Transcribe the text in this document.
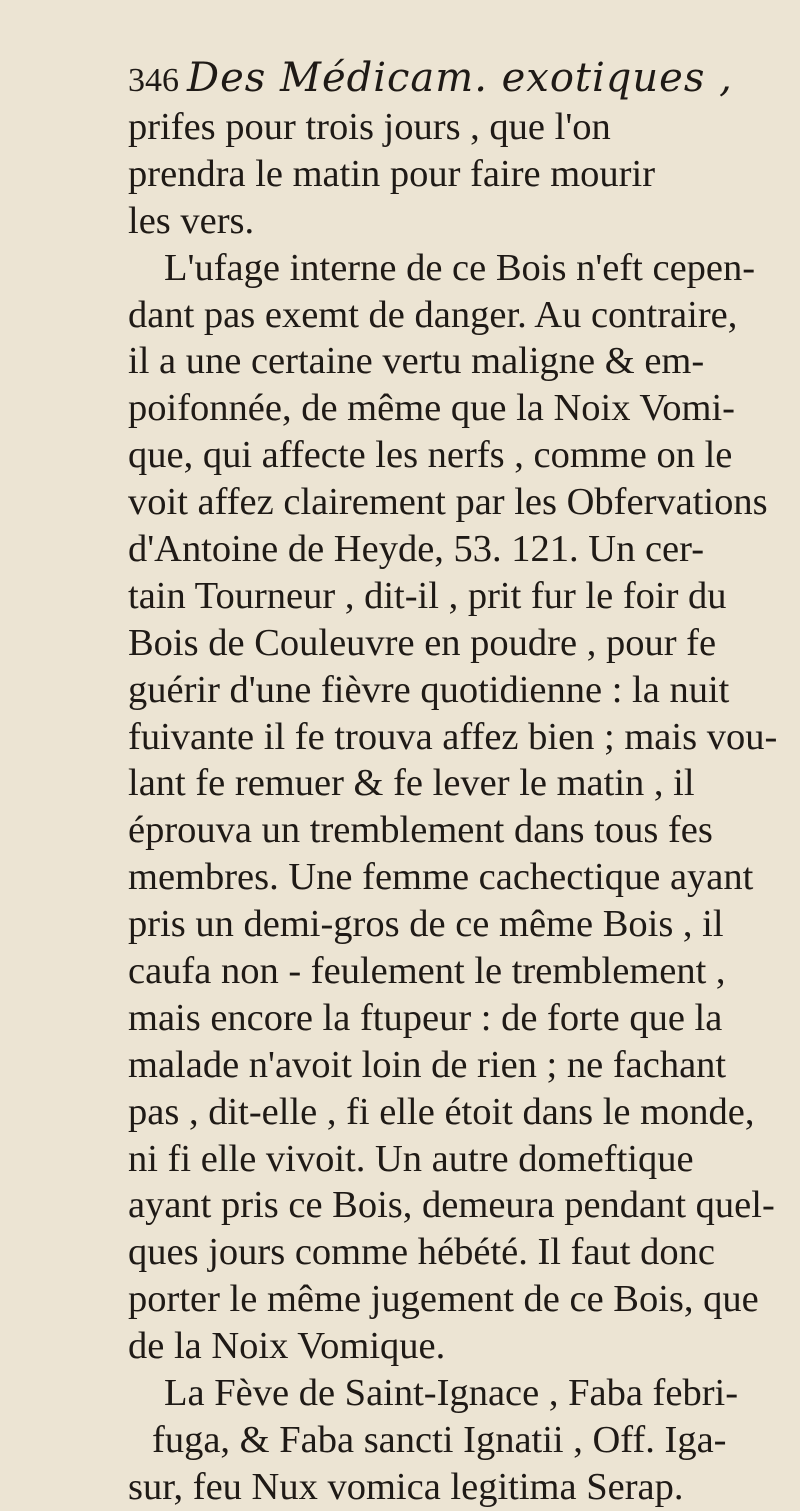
346 Des Médicam. exotiques ,
prifes pour trois jours , que l'on
prendra le matin pour faire mourir
les vers.
L'ufage interne de ce Bois n'eft cepen-
dant pas exemt de danger. Au contraire,
il a une certaine vertu maligne & em-
poifonnée, de même que la Noix Vomi-
que, qui affecte les nerfs , comme on le
voit affez clairement par les Obfervations
d'Antoine de Heyde, 53. 121. Un cer-
tain Tourneur , dit-il , prit fur le foir du
Bois de Couleuvre en poudre , pour fe
guérir d'une fièvre quotidienne : la nuit
fuivante il fe trouva affez bien ; mais vou-
lant fe remuer & fe lever le matin , il
éprouva un tremblement dans tous fes
membres. Une femme cachectique ayant
pris un demi-gros de ce même Bois , il
caufa non - feulement le tremblement ,
mais encore la ftupeur : de forte que la
malade n'avoit loin de rien ; ne fachant
pas , dit-elle , fi elle étoit dans le monde,
ni fi elle vivoit. Un autre domeftique
ayant pris ce Bois, demeura pendant quel-
ques jours comme hébété. Il faut donc
porter le même jugement de ce Bois, que
de la Noix Vomique.
La Fève de Saint-Ignace , Faba febri-
fuga, & Faba sancti Ignatii , Off. Iga-
sur, feu Nux vomica legitima Serap.
